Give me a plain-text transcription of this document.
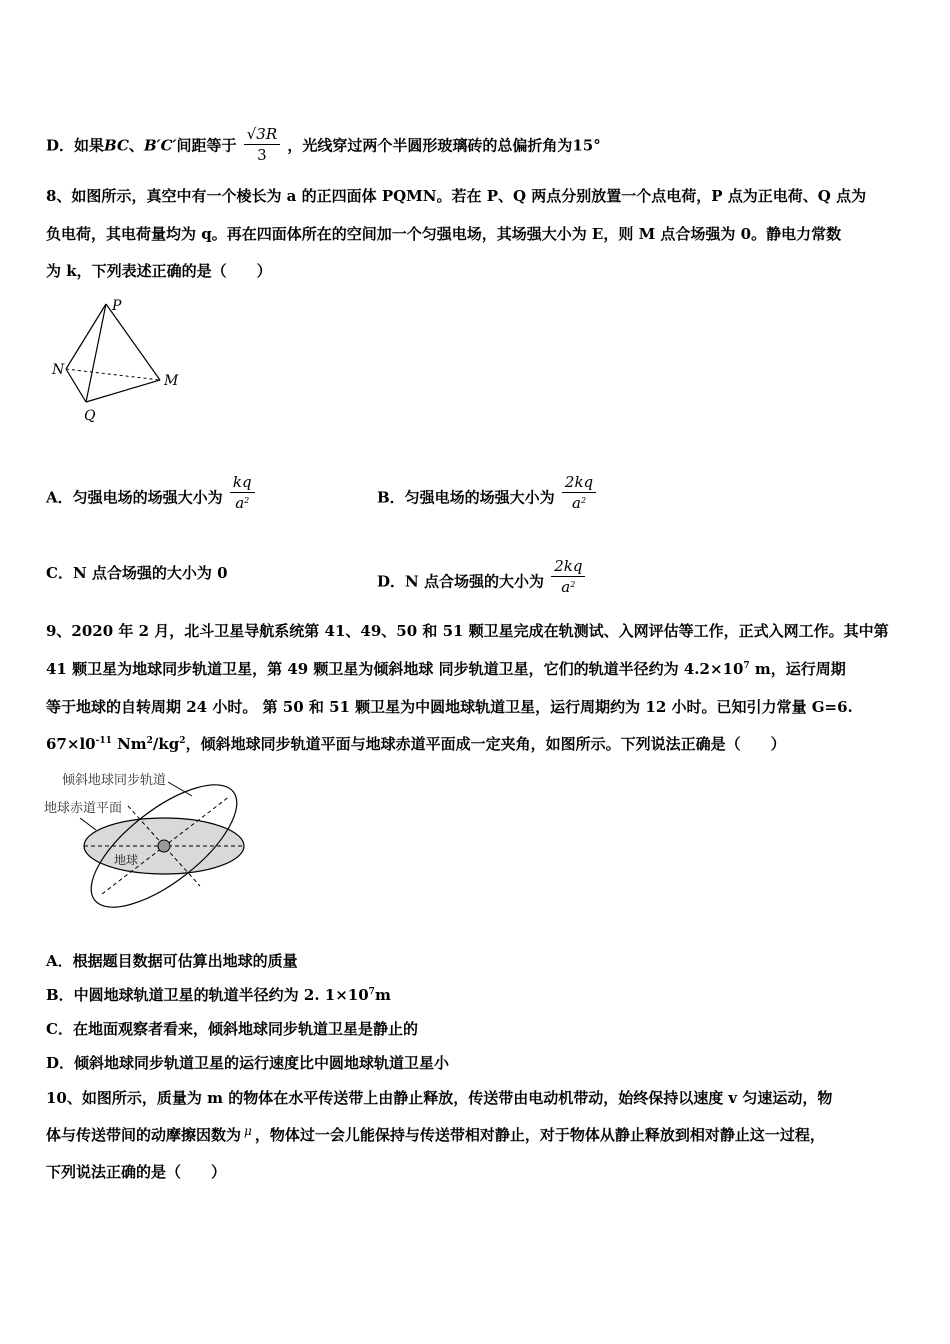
D．如果BC、B′C′间距等于 $\frac{√3R}{3}$ ，光线穿过两个半圆形玻璃砖的总偏折角为15°
8、如图所示，真空中有一个棱长为 a 的正四面体 PQMN。若在 P、Q 两点分别放置一个点电荷，P 点为正电荷、Q 点为
负电荷，其电荷量均为 q。再在四面体所在的空间加一个匀强电场，其场强大小为 E，则 M 点合场强为 0。静电力常数
为 k，下列表述正确的是（　　）
P
N
M
Q
A．匀强电场的场强大小为 $\frac{kq}{a^2}$	B．匀强电场的场强大小为 $\frac{2kq}{a^2}$
C．N 点合场强的大小为 0	D．N 点合场强的大小为 $\frac{2kq}{a^2}$
9、2020 年 2 月，北斗卫星导航系统第 41、49、50 和 51 颗卫星完成在轨测试、入网评估等工作，正式入网工作。其中第
41 颗卫星为地球同步轨道卫星，第 49 颗卫星为倾斜地球 同步轨道卫星，它们的轨道半径约为 $4.2\times 10^7$ m，运行周期
等于地球的自转周期 24 小时。 第 50 和 51 颗卫星为中圆地球轨道卫星，运行周期约为 12 小时。已知引力常量 G=6.
$67\times l0^{-11}$ $Nm^2/kg^2$，倾斜地球同步轨道平面与地球赤道平面成一定夹角，如图所示。下列说法正确是（　　）
倾斜地球同步轨道
地球赤道平面
地球
A．根据题目数据可估算出地球的质量
B．中圆地球轨道卫星的轨道半径约为 2. $1\times 10^7m$
C．在地面观察者看来，倾斜地球同步轨道卫星是静止的
D．倾斜地球同步轨道卫星的运行速度比中圆地球轨道卫星小
10、如图所示，质量为 m 的物体在水平传送带上由静止释放，传送带由电动机带动，始终保持以速度 v 匀速运动，物
体与传送带间的动摩擦因数为 $^\mu$ ，物体过一会儿能保持与传送带相对静止，对于物体从静止释放到相对静止这一过程，
下列说法正确的是（　　）
